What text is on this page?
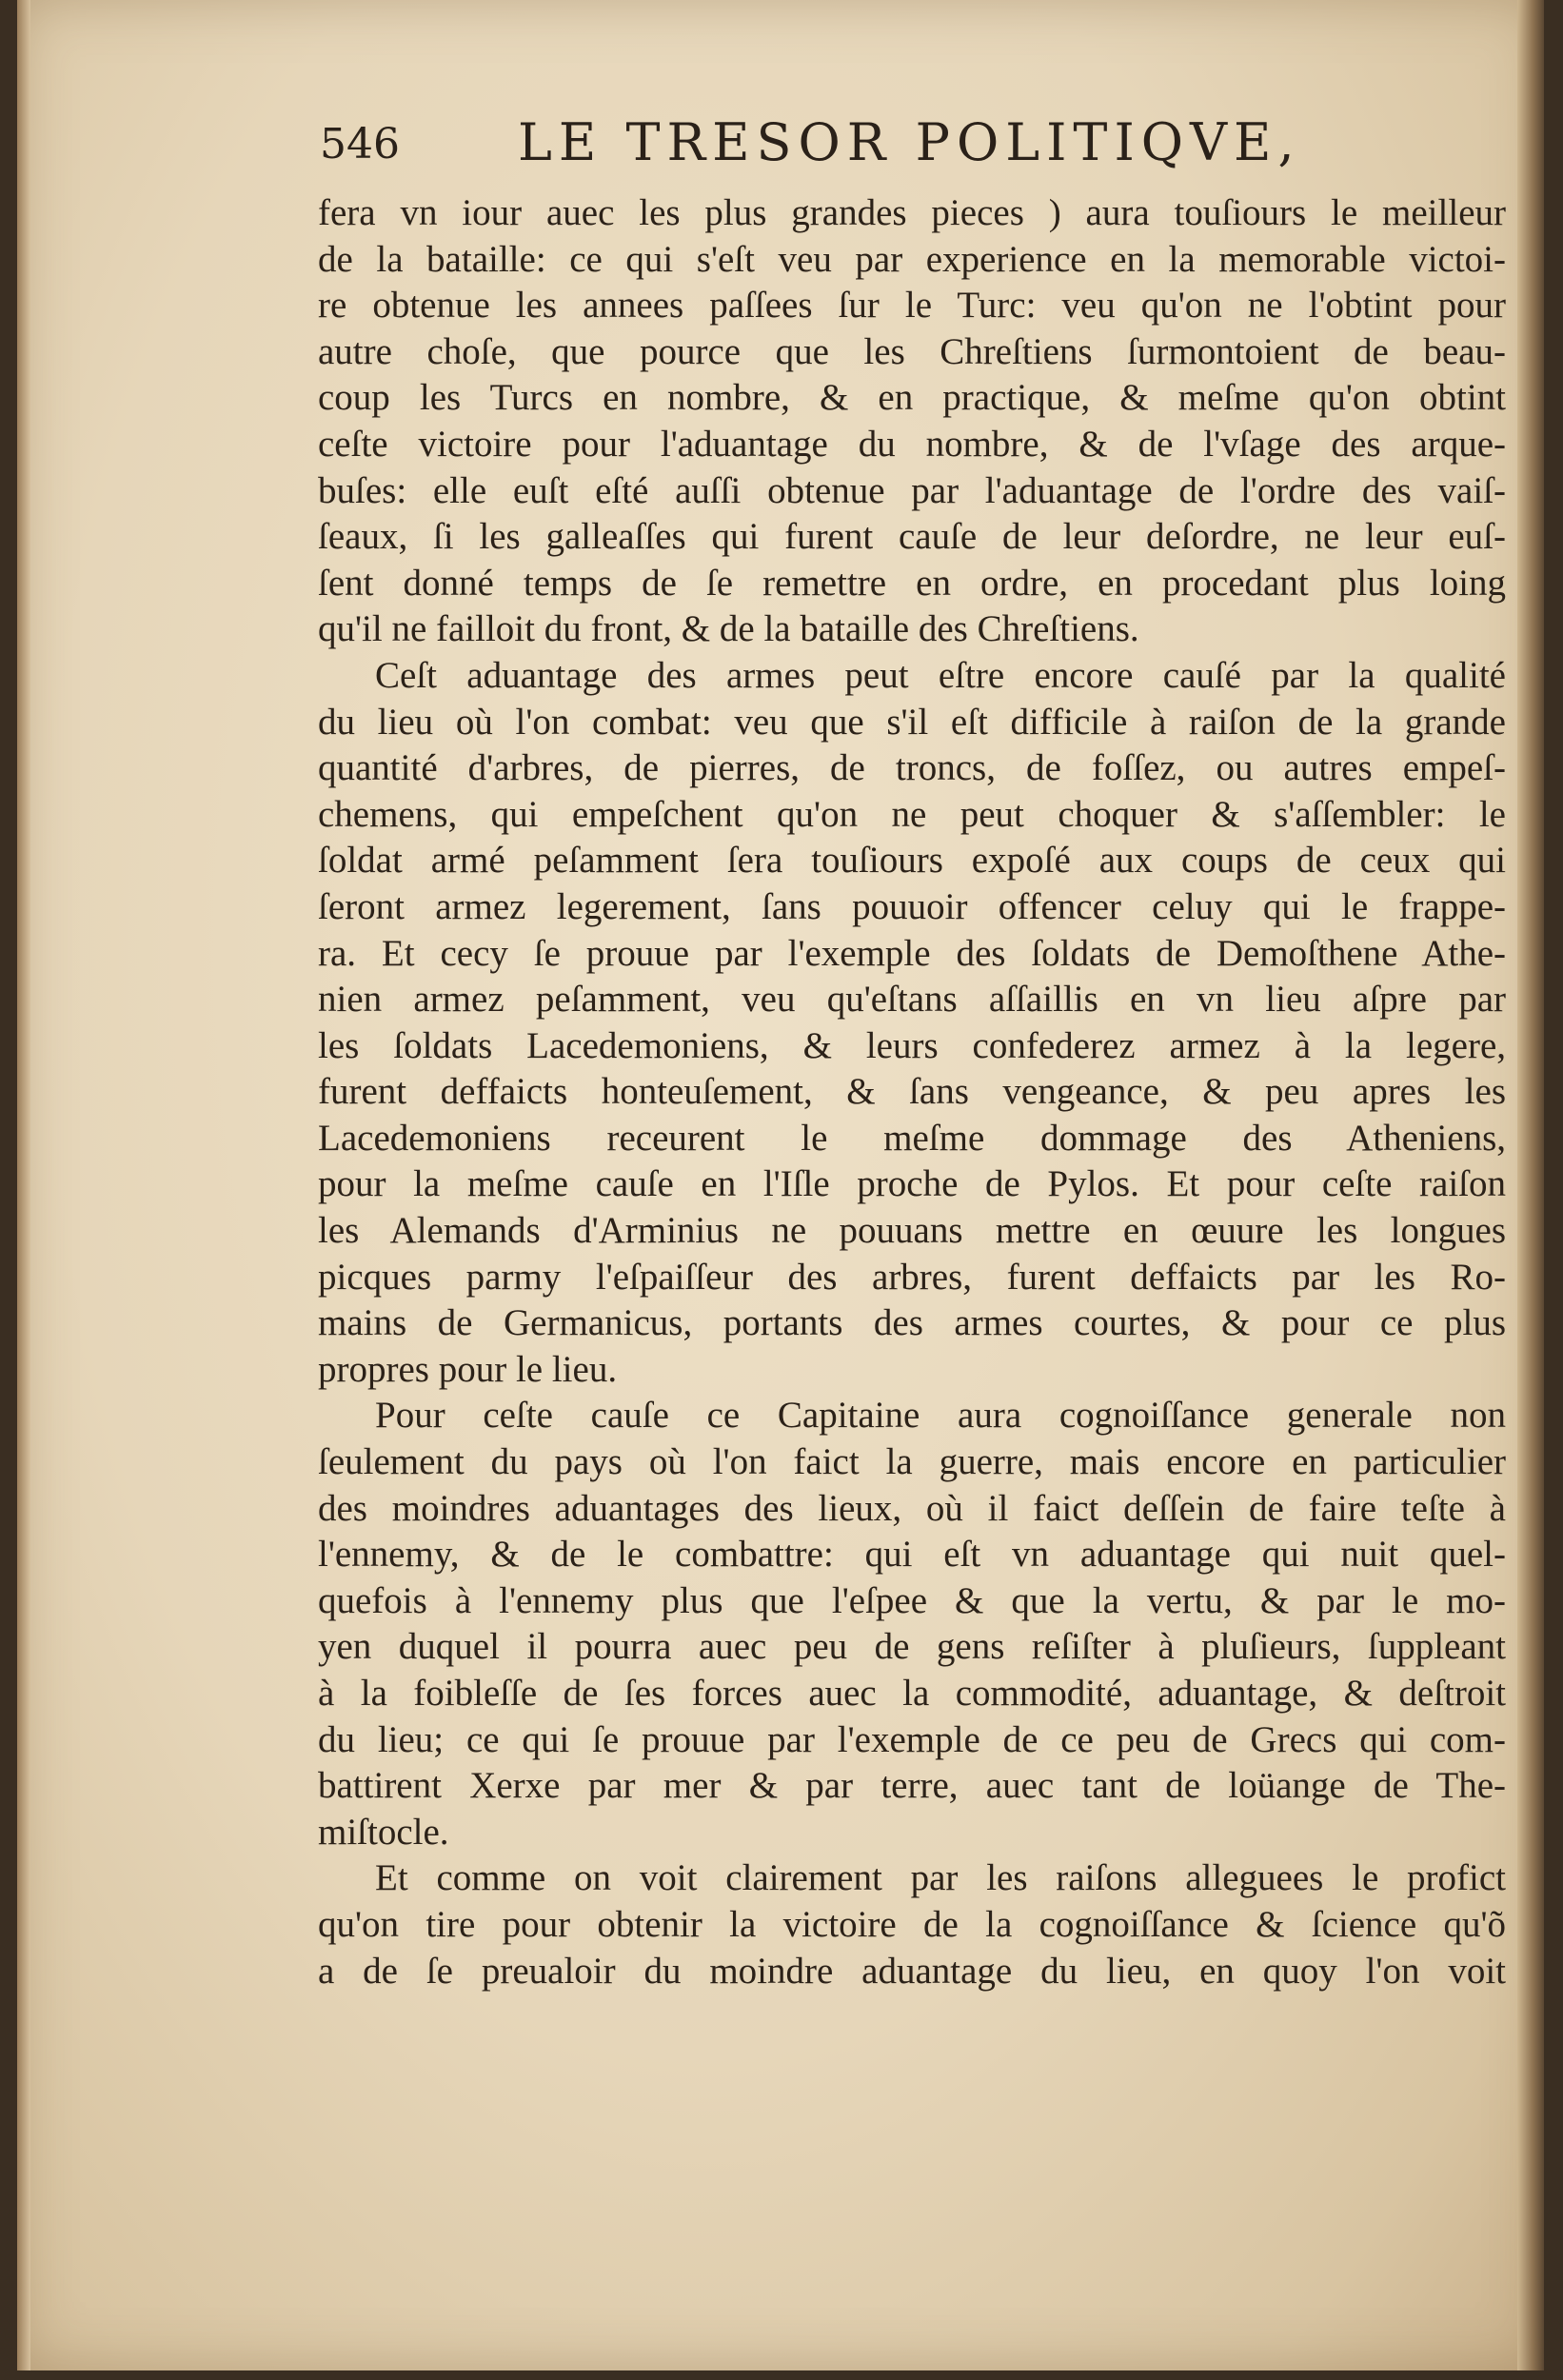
546 LE TRESOR POLITIQVE,
fera vn iour auec les plus grandes pieces ) aura touſiours le meilleur
de la bataille: ce qui s'eſt veu par experience en la memorable victoi-
re obtenue les annees paſſees ſur le Turc: veu qu'on ne l'obtint pour
autre choſe, que pource que les Chreſtiens ſurmontoient de beau-
coup les Turcs en nombre, & en practique, & meſme qu'on obtint
ceſte victoire pour l'aduantage du nombre, & de l'vſage des arque-
buſes: elle euſt eſté auſſi obtenue par l'aduantage de l'ordre des vaiſ-
ſeaux, ſi les galleaſſes qui furent cauſe de leur deſordre, ne leur euſ-
ſent donné temps de ſe remettre en ordre, en procedant plus loing
qu'il ne failloit du front, & de la bataille des Chreſtiens.
Ceſt aduantage des armes peut eſtre encore cauſé par la qualité
du lieu où l'on combat: veu que s'il eſt difficile à raiſon de la grande
quantité d'arbres, de pierres, de troncs, de foſſez, ou autres empeſ-
chemens, qui empeſchent qu'on ne peut choquer & s'aſſembler: le
ſoldat armé peſamment ſera touſiours expoſé aux coups de ceux qui
ſeront armez legerement, ſans pouuoir offencer celuy qui le frappe-
ra. Et cecy ſe prouue par l'exemple des ſoldats de Demoſthene Athe-
nien armez peſamment, veu qu'eſtans aſſaillis en vn lieu aſpre par
les ſoldats Lacedemoniens, & leurs confederez armez à la legere,
furent deffaicts honteuſement, & ſans vengeance, & peu apres les
Lacedemoniens receurent le meſme dommage des Atheniens,
pour la meſme cauſe en l'Iſle proche de Pylos. Et pour ceſte raiſon
les Alemands d'Arminius ne pouuans mettre en œuure les longues
picques parmy l'eſpaiſſeur des arbres, furent deffaicts par les Ro-
mains de Germanicus, portants des armes courtes, & pour ce plus
propres pour le lieu.
Pour ceſte cauſe ce Capitaine aura cognoiſſance generale non
ſeulement du pays où l'on faict la guerre, mais encore en particulier
des moindres aduantages des lieux, où il faict deſſein de faire teſte à
l'ennemy, & de le combattre: qui eſt vn aduantage qui nuit quel-
quefois à l'ennemy plus que l'eſpee & que la vertu, & par le mo-
yen duquel il pourra auec peu de gens reſiſter à pluſieurs, ſuppleant
à la foibleſſe de ſes forces auec la commodité, aduantage, & deſtroit
du lieu; ce qui ſe prouue par l'exemple de ce peu de Grecs qui com-
battirent Xerxe par mer & par terre, auec tant de loüange de The-
miſtocle.
Et comme on voit clairement par les raiſons alleguees le profict
qu'on tire pour obtenir la victoire de la cognoiſſance & ſcience qu'õ
a de ſe preualoir du moindre aduantage du lieu, en quoy l'on voit
